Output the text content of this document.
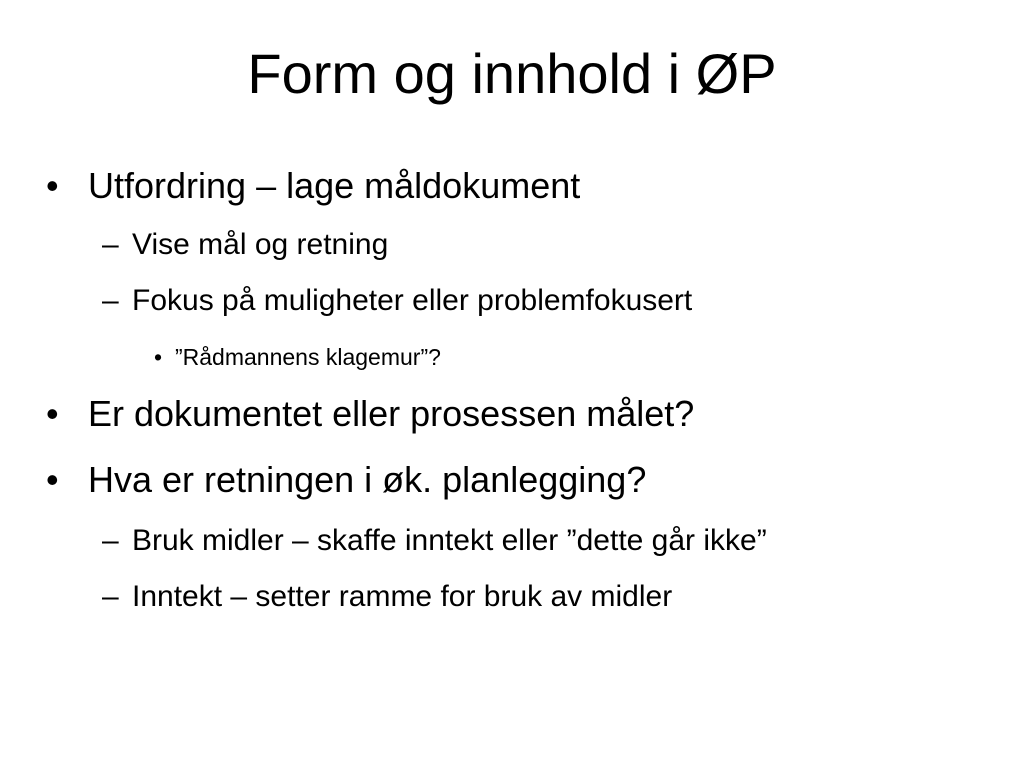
Form og innhold i ØP
• Utfordring – lage måldokument
– Vise mål og retning
– Fokus på muligheter eller problemfokusert
• ”Rådmannens klagemur”?
• Er dokumentet eller prosessen målet?
• Hva er retningen i øk. planlegging?
– Bruk midler – skaffe inntekt eller ”dette går ikke”
– Inntekt – setter ramme for bruk av midler
